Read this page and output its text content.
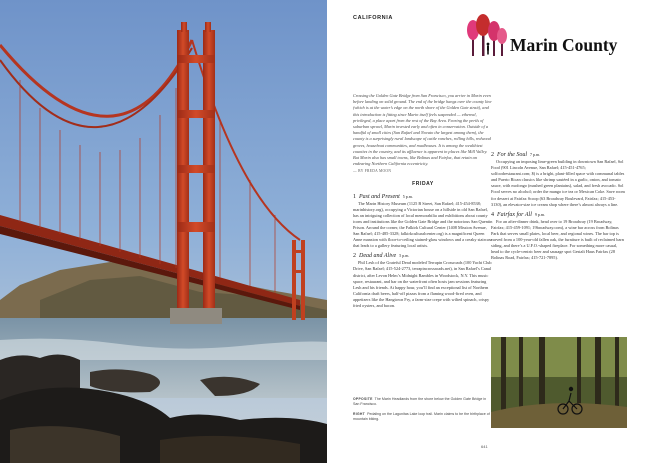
CALIFORNIA
Marin County

Crossing the Golden Gate Bridge from San Francisco, you arrive in Marin even before landing on solid ground. The end of the bridge hangs over the county line (which is at the water’s edge on the north shore of the Golden Gate strait), and this introduction is fitting since Marin itself feels suspended — ethereal, privileged, a place apart from the rest of the Bay Area. Fearing the perils of suburban sprawl, Marin invested early and often in conservation. Outside of a handful of small cities (San Rafael and Novato the largest among them), the county is a surprisingly rural landscape of cattle ranches, rolling hills, redwood groves, houseboat communities, and roadhouses. It is among the wealthiest counties in the country, and its affluence is apparent in places like Mill Valley. But Marin also has small towns, like Bolinas and Fairfax, that retain an endearing Northern California eccentricity.

— BY FREDA MOON

FRIDAY
1 Past and Present 5 p.m.

The Marin History Museum (1125 B Street, San Rafael; 415-454-8538; marinhistory.org), occupying a Victorian house on a hillside in old San Rafael, has an intriguing collection of local memorabilia and exhibitions about county icons and institutions like the Golden Gate Bridge and the notorious San Quentin Prison. Around the corner, the Falkirk Cultural Center (1408 Mission Avenue, San Rafael; 415-485-3328; falkirkculturalcenter.org) is a magnificent Queen Anne mansion with floor-to-ceiling stained-glass windows and a creaky staircase that leads to a gallery featuring local artists.

2 Dead and Alive 5 p.m.

Phil Lesh of the Grateful Dead modeled Terrapin Crossroads (100 Yacht Club Drive, San Rafael; 415-524-2773, terrapincrossroads.net), in San Rafael’s Canal district, after Levon Helm’s Midnight Rambles in Woodstock, N.Y. This music space, restaurant, and bar on the waterfront often hosts jam sessions featuring Lesh and his friends. At happy hour, you’ll find an exceptional list of Northern California draft beers, half-off pizzas from a flaming wood-fired oven, and appetizers like the Hangtown Fry, a farm-size crepe with wilted spinach, crispy fried oysters, and bacon.

2 For the Soul 7 p.m.

Occupying an imposing lime-green building in downtown San Rafael, Sol Food (901 Lincoln Avenue, San Rafael; 415-451-4765; solfoodrestaurant.com; $) is a bright, plant-filled space with communal tables and Puerto Rican classics like shrimp sautéed in a garlic, onion, and tomato sauce, with mofongo (mashed green plantains), salad, and fresh avocado. Sol Food serves no alcohol; order the mango ice tea or Mexican Coke. Save room for dessert at Fairfax Scoop (63 Broadway Boulevard, Fairfax; 415-453-3130), an elevator-size ice cream shop where there’s almost always a line.

4 Fairfax for All 9 p.m.

For an after-dinner drink, head over to 19 Broadway (19 Broadway, Fairfax; 415-459-1091; 19broadway.com), a wine bar across from Bolinas Park that serves small plates, local beer, and regional wines. The bar top is carved from a 100-year-old fallen oak, the furniture is built of reclaimed barn siding, and there’s a U.F.O.-shaped fireplace. For something more casual, head to the cycle-centric beer and sausage spot Gestalt Haus Fairfax (28 Bolinas Road, Fairfax; 415-721-7895).

OPPOSITE The Marin Headlands from the shore below the Golden Gate Bridge in San Francisco.

RIGHT Pedaling on the Lagunitas Lake loop trail. Marin claims to be the birthplace of mountain biking.

641
